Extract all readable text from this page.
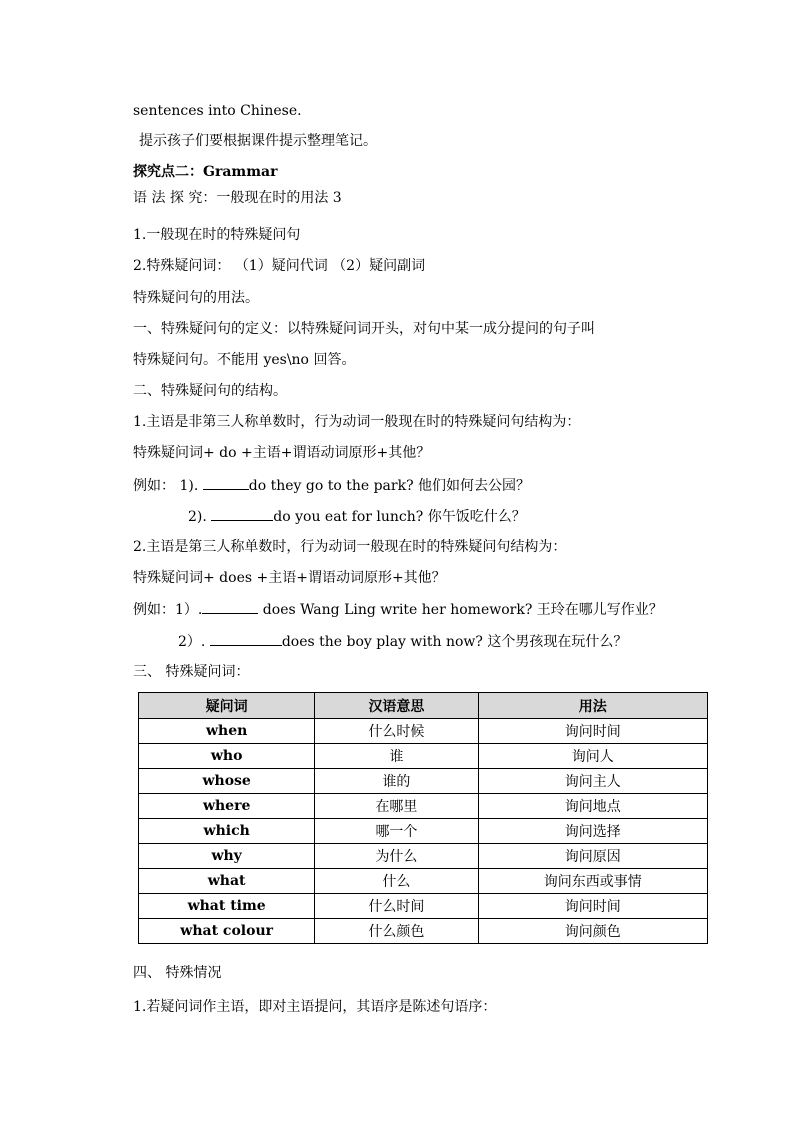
sentences into Chinese.
提示孩子们要根据课件提示整理笔记。
探究点二：Grammar
语 法 探 究：一般现在时的用法 3
1.一般现在时的特殊疑问句
2.特殊疑问词： （1）疑问代词 （2）疑问副词
特殊疑问句的用法。
一、特殊疑问句的定义：以特殊疑问词开头，对句中某一成分提问的句子叫
特殊疑问句。不能用 yes\no 回答。
二、特殊疑问句的结构。
1.主语是非第三人称单数时，行为动词一般现在时的特殊疑问句结构为：
特殊疑问词+ do +主语+谓语动词原形+其他？
例如： 1).	do they go to the park? 他们如何去公园？
2).	do you eat for lunch? 你午饭吃什么？
2.主语是第三人称单数时，行为动词一般现在时的特殊疑问句结构为：
特殊疑问词+ does +主语+谓语动词原形+其他？
例如：1）.	does Wang Ling write her homework? 王玲在哪儿写作业？
2）.	does the boy play with now? 这个男孩现在玩什么？
三、 特殊疑问词：
疑问词	汉语意思	用法
when	什么时候	询问时间
who	谁	询问人
whose	谁的	询问主人
where	在哪里	询问地点
which	哪一个	询问选择
why	为什么	询问原因
what	什么	询问东西或事情
what time	什么时间	询问时间
what colour	什么颜色	询问颜色
四、 特殊情况
1.若疑问词作主语，即对主语提问，其语序是陈述句语序：
